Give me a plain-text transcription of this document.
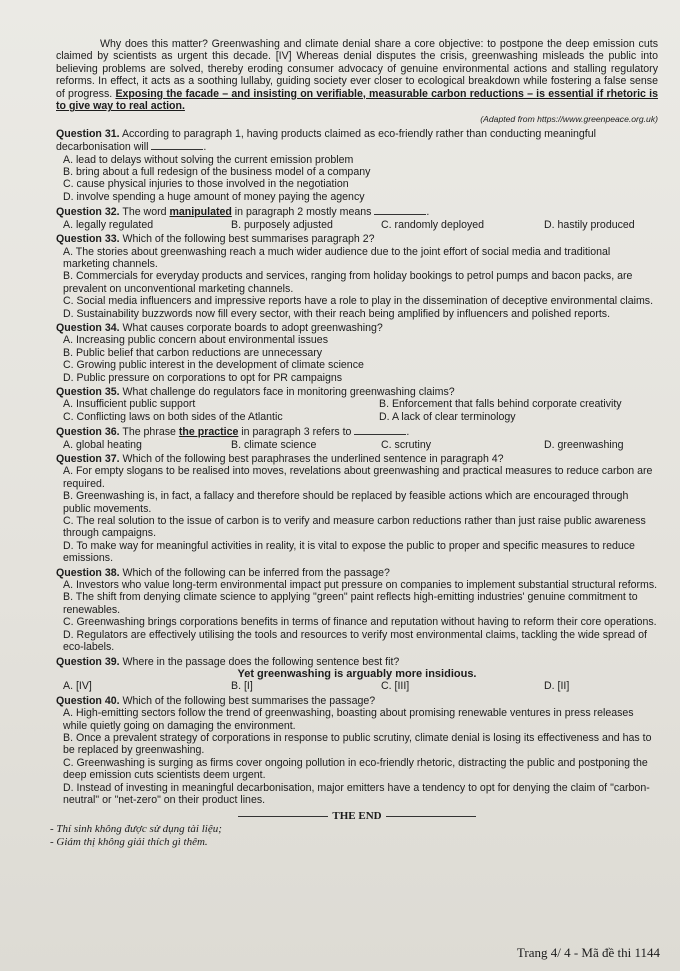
Why does this matter? Greenwashing and climate denial share a core objective: to postpone the deep emission cuts claimed by scientists as urgent this decade. [IV] Whereas denial disputes the crisis, greenwashing misleads the public into believing problems are solved, thereby eroding consumer advocacy of genuine environmental actions and stalling regulatory reforms. In effect, it acts as a soothing lullaby, guiding society ever closer to ecological breakdown while fostering a false sense of progress. Exposing the facade – and insisting on verifiable, measurable carbon reductions – is essential if rhetoric is to give way to real action.
(Adapted from https://www.greenpeace.org.uk)
Question 31. According to paragraph 1, having products claimed as eco-friendly rather than conducting meaningful decarbonisation will	.
A. lead to delays without solving the current emission problem
B. bring about a full redesign of the business model of a company
C. cause physical injuries to those involved in the negotiation
D. involve spending a huge amount of money paying the agency
Question 32. The word manipulated in paragraph 2 mostly means	.
A. legally regulated	B. purposely adjusted	C. randomly deployed	D. hastily produced
Question 33. Which of the following best summarises paragraph 2?
A. The stories about greenwashing reach a much wider audience due to the joint effort of social media and traditional marketing channels.
B. Commercials for everyday products and services, ranging from holiday bookings to petrol pumps and bacon packs, are prevalent on unconventional marketing channels.
C. Social media influencers and impressive reports have a role to play in the dissemination of deceptive environmental claims.
D. Sustainability buzzwords now fill every sector, with their reach being amplified by influencers and polished reports.
Question 34. What causes corporate boards to adopt greenwashing?
A. Increasing public concern about environmental issues
B. Public belief that carbon reductions are unnecessary
C. Growing public interest in the development of climate science
D. Public pressure on corporations to opt for PR campaigns
Question 35. What challenge do regulators face in monitoring greenwashing claims?
A. Insufficient public support	B. Enforcement that falls behind corporate creativity
C. Conflicting laws on both sides of the Atlantic	D. A lack of clear terminology
Question 36. The phrase the practice in paragraph 3 refers to	.
A. global heating	B. climate science	C. scrutiny	D. greenwashing
Question 37. Which of the following best paraphrases the underlined sentence in paragraph 4?
A. For empty slogans to be realised into moves, revelations about greenwashing and practical measures to reduce carbon are required.
B. Greenwashing is, in fact, a fallacy and therefore should be replaced by feasible actions which are encouraged through public movements.
C. The real solution to the issue of carbon is to verify and measure carbon reductions rather than just raise public awareness through campaigns.
D. To make way for meaningful activities in reality, it is vital to expose the public to proper and specific measures to reduce emissions.
Question 38. Which of the following can be inferred from the passage?
A. Investors who value long-term environmental impact put pressure on companies to implement substantial structural reforms.
B. The shift from denying climate science to applying "green" paint reflects high-emitting industries' genuine commitment to renewables.
C. Greenwashing brings corporations benefits in terms of finance and reputation without having to reform their core operations.
D. Regulators are effectively utilising the tools and resources to verify most environmental claims, tackling the wide spread of eco-labels.
Question 39. Where in the passage does the following sentence best fit?
Yet greenwashing is arguably more insidious.
A. [IV]	B. [I]	C. [III]	D. [II]
Question 40. Which of the following best summarises the passage?
A. High-emitting sectors follow the trend of greenwashing, boasting about promising renewable ventures in press releases while quietly going on damaging the environment.
B. Once a prevalent strategy of corporations in response to public scrutiny, climate denial is losing its effectiveness and has to be replaced by greenwashing.
C. Greenwashing is surging as firms cover ongoing pollution in eco-friendly rhetoric, distracting the public and postponing the deep emission cuts scientists deem urgent.
D. Instead of investing in meaningful decarbonisation, major emitters have a tendency to opt for denying the claim of "carbon-neutral" or "net-zero" on their product lines.
THE END
- Thí sinh không được sử dụng tài liệu;
- Giám thị không giải thích gì thêm.
Trang 4/ 4 - Mã đề thi 1144
